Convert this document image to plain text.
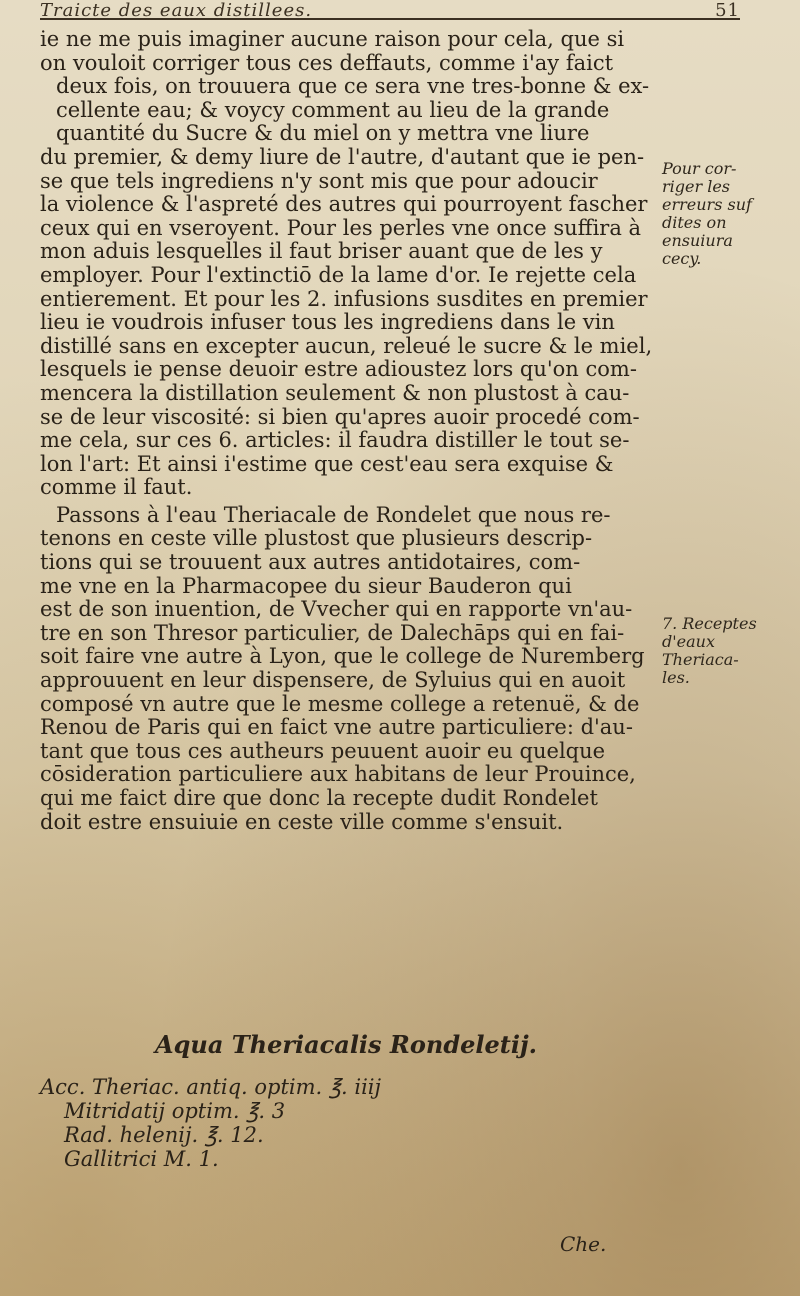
Traicte des eaux distillees.	51
ie ne me puis imaginer aucune raison pour cela, que si
on vouloit corriger tous ces deffauts, comme i'ay faict
deux fois, on trouuera que ce sera vne tres-bonne & ex-
cellente eau; & voycy comment au lieu de la grande
quantité du Sucre & du miel on y mettra vne liure
du premier, & demy liure de l'autre, d'autant que ie pen-
se que tels ingrediens n'y sont mis que pour adoucir
la violence & l'aspreté des autres qui pourroyent fascher
ceux qui en vseroyent. Pour les perles vne once suffira à
mon aduis lesquelles il faut briser auant que de les y
employer. Pour l'extinctiō de la lame d'or. Ie rejette cela
entierement. Et pour les 2. infusions susdites en premier
lieu ie voudrois infuser tous les ingrediens dans le vin
distillé sans en excepter aucun, releué le sucre & le miel,
lesquels ie pense deuoir estre adioustez lors qu'on com-
mencera la distillation seulement & non plustost à cau-
se de leur viscosité: si bien qu'apres auoir procedé com-
me cela, sur ces 6. articles: il faudra distiller le tout se-
lon l'art: Et ainsi i'estime que cest'eau sera exquise &
comme il faut.
Passons à l'eau Theriacale de Rondelet que nous re-
tenons en ceste ville plustost que plusieurs descrip-
tions qui se trouuent aux autres antidotaires, com-
me vne en la Pharmacopee du sieur Bauderon qui
est de son inuention, de Vvecher qui en rapporte vn'au-
tre en son Thresor particulier, de Dalechāps qui en fai-
soit faire vne autre à Lyon, que le college de Nuremberg
approuuent en leur dispensere, de Syluius qui en auoit
composé vn autre que le mesme college a retenuë, & de
Renou de Paris qui en faict vne autre particuliere: d'au-
tant que tous ces autheurs peuuent auoir eu quelque
cōsideration particuliere aux habitans de leur Prouince,
qui me faict dire que donc la recepte dudit Rondelet
doit estre ensuiuie en ceste ville comme s'ensuit.
Pour cor-
riger les
erreurs suf
dites on
ensuiura
cecy.
7. Receptes
d'eaux
Theriaca-
les.
Aqua Theriacalis Rondeletij.
Acc. Theriac. antiq. optim. ℥. iiij
Mitridatij optim. ℥. 3
Rad. helenij. ℥. 12.
Gallitrici M. 1.
Che.
